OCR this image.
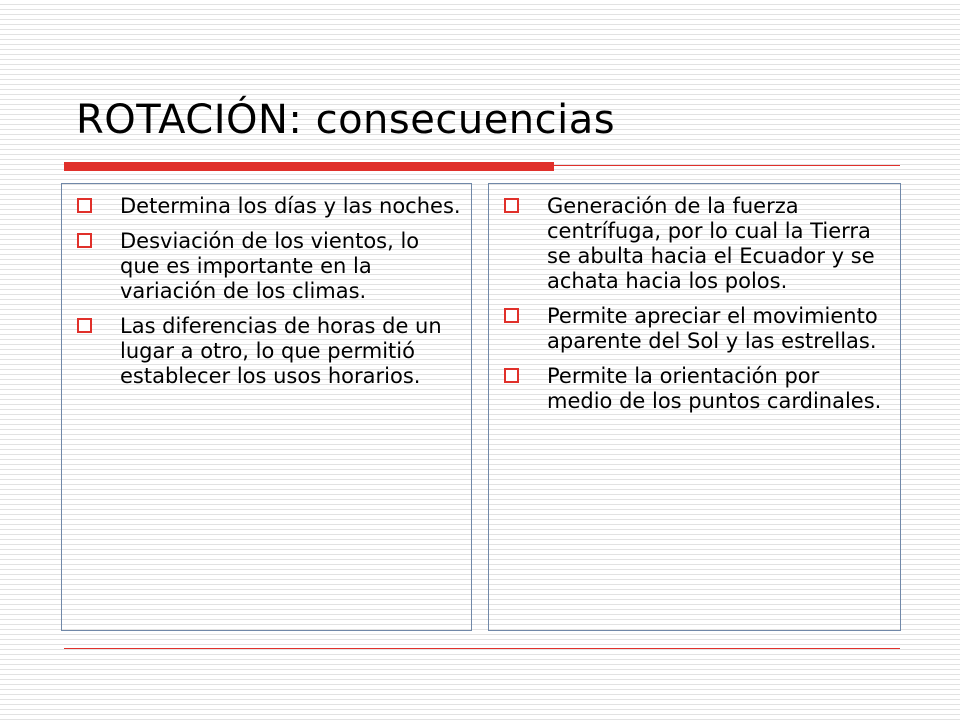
ROTACIÓN: consecuencias
Determina los días y las noches.
Desviación de los vientos, lo que es importante en la variación de los climas.
Las diferencias de horas de un lugar a otro, lo que permitió establecer los usos horarios.
Generación de la fuerza centrífuga, por lo cual la Tierra se abulta hacia el Ecuador y se achata hacia los polos.
Permite apreciar el movimiento aparente del Sol y las estrellas.
Permite la orientación por medio de los puntos cardinales.
